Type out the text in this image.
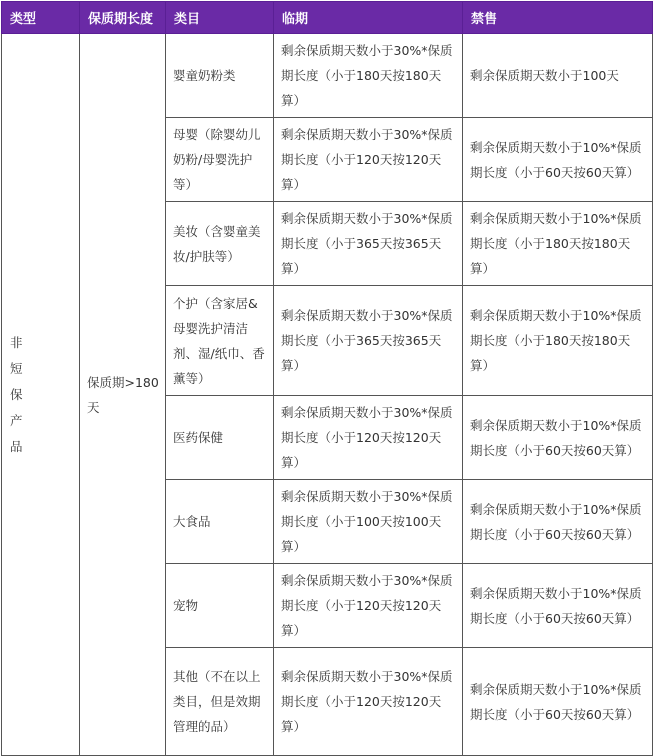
类型	保质期长度	类目	临期	禁售

非短保产品	保质期>180天	婴童奶粉类	剩余保质期天数小于30%*保质期长度（小于180天按180天算）	剩余保质期天数小于100天
		母婴（除婴幼儿奶粉/母婴洗护等）	剩余保质期天数小于30%*保质期长度（小于120天按120天算）	剩余保质期天数小于10%*保质期长度（小于60天按60天算）
		美妆（含婴童美妆/护肤等）	剩余保质期天数小于30%*保质期长度（小于365天按365天算）	剩余保质期天数小于10%*保质期长度（小于180天按180天算）
		个护（含家居&母婴洗护清洁剂、湿/纸巾、香薰等）	剩余保质期天数小于30%*保质期长度（小于365天按365天算）	剩余保质期天数小于10%*保质期长度（小于180天按180天算）
		医药保健	剩余保质期天数小于30%*保质期长度（小于120天按120天算）	剩余保质期天数小于10%*保质期长度（小于60天按60天算）
		大食品	剩余保质期天数小于30%*保质期长度（小于100天按100天算）	剩余保质期天数小于10%*保质期长度（小于60天按60天算）
		宠物	剩余保质期天数小于30%*保质期长度（小于120天按120天算）	剩余保质期天数小于10%*保质期长度（小于60天按60天算）
		其他（不在以上类目，但是效期管理的品）	剩余保质期天数小于30%*保质期长度（小于120天按120天算）	剩余保质期天数小于10%*保质期长度（小于60天按60天算）
